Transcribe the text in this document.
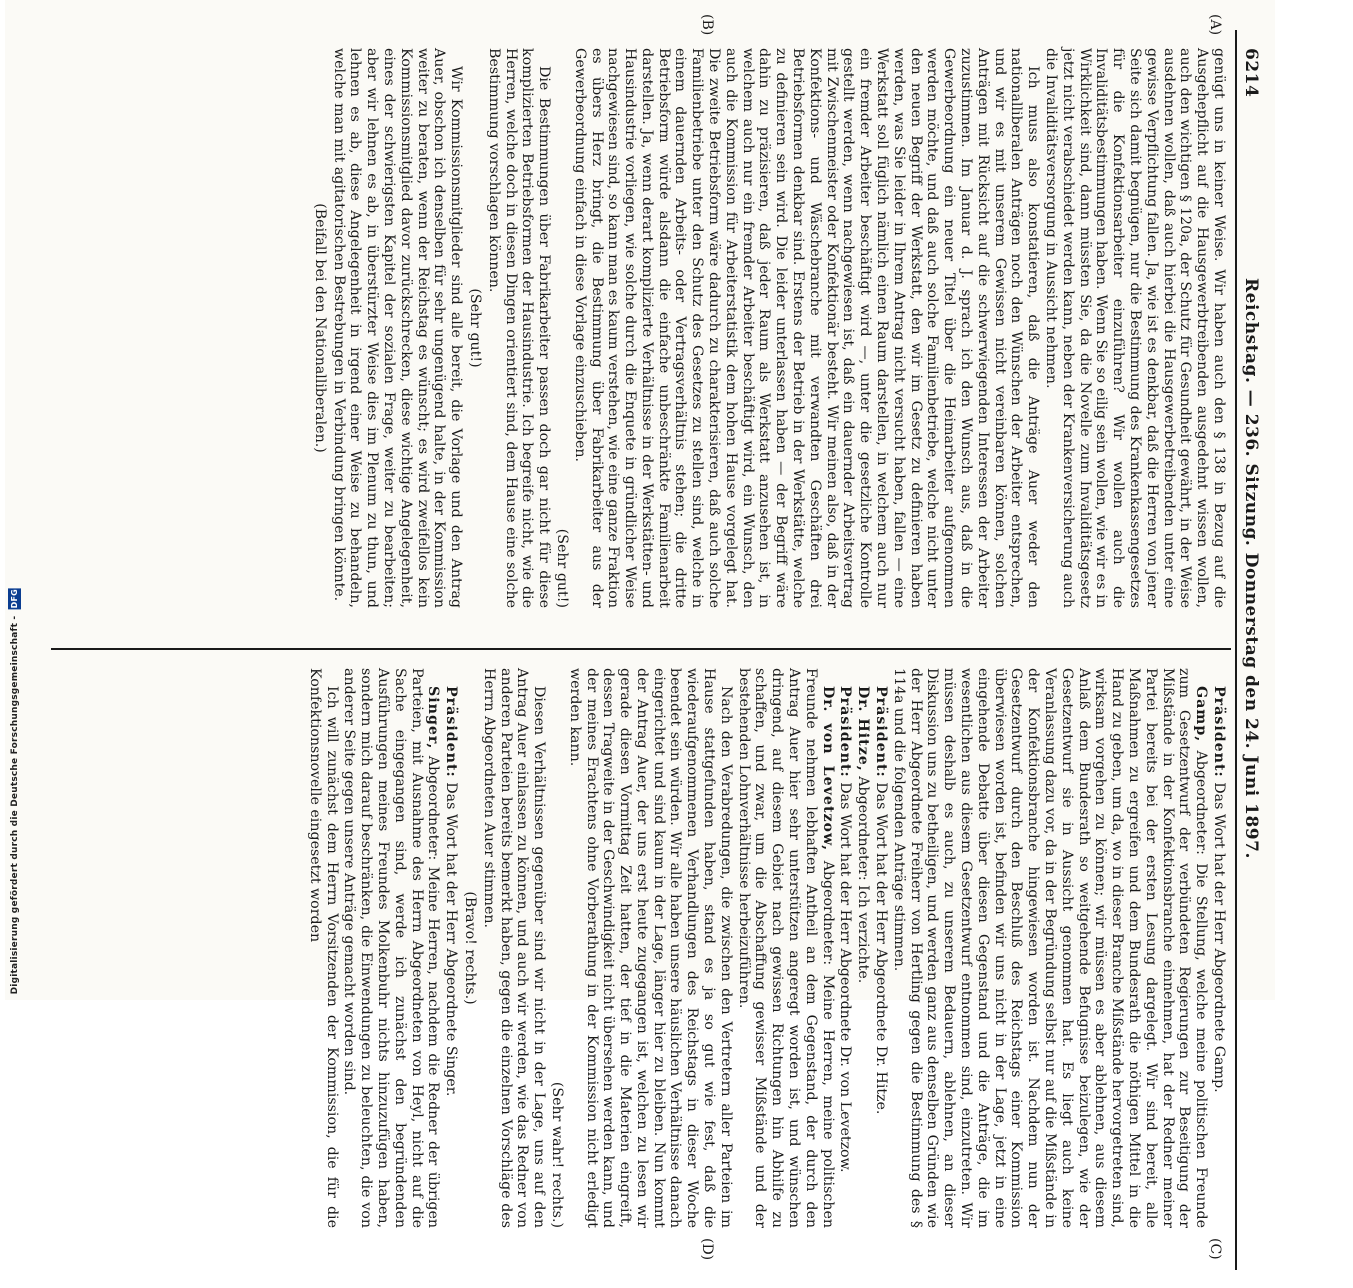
6214
Reichstag. — 236. Sitzung. Donnerstag den 24. Juni 1897.
(A)
(B)
(C)
(D)

genügt uns in keiner Weise. Wir haben auch den § 138 in Bezug auf die Ausgehepflicht auf die Hausgewerbtreibenden ausgedehnt wissen wollen, auch den wichtigen § 120a, der Schutz für Gesundheit gewährt, in der Weise ausdehnen wollen, daß auch hierbei die Hausgewerbetreibenden unter eine gewisse Verpflichtung fallen. Ja, wie ist es denkbar, daß die Herren von jener Seite sich damit begnügen, nur die Bestimmung des Krankenkassengesetzes für die Konfektionsarbeiter einzuführen? Wir wollen auch die Invaliditätsbestimmungen haben. Wenn Sie so eilig sein wollen, wie wir es in Wirklichkeit sind, dann müssten Sie, da die Novelle zum Invaliditätsgesetz jetzt nicht verabschiedet werden kann, neben der Krankenversicherung auch die Invaliditätsversorgung in Aussicht nehmen.

Ich muss also konstatieren, daß die Anträge Auer weder den nationalliberalen Anträgen noch den Wünschen der Arbeiter entsprechen, und wir es mit unserem Gewissen nicht vereinbaren können, solchen Anträgen mit Rücksicht auf die schwerwiegenden Interessen der Arbeiter zuzustimmen. Im Januar d. J. sprach ich den Wunsch aus, daß in die Gewerbeordnung ein neuer Titel über die Heimarbeiter aufgenommen werden möchte, und daß auch solche Familienbetriebe, welche nicht unter den neuen Begriff der Werkstatt, den wir im Gesetz zu definieren haben werden, was Sie leider in Ihrem Antrag nicht versucht haben, fallen — eine Werkstatt soll füglich nämlich einen Raum darstellen, in welchem auch nur ein fremder Arbeiter beschäftigt wird —, unter die gesetzliche Kontrolle gestellt werden, wenn nachgewiesen ist, daß ein dauernder Arbeitsvertrag mit Zwischenmeister oder Konfektionär besteht. Wir meinen also, daß in der Konfektions- und Wäschebranche mit verwandten Geschäften drei Betriebsformen denkbar sind. Erstens der Betrieb in der Werkstätte, welche zu definieren sein wird. Die leider unterlassen haben — der Begriff wäre dahin zu präzisieren, daß jeder Raum als Werkstatt anzusehen ist, in welchem auch nur ein fremder Arbeiter beschäftigt wird, ein Wunsch, den auch die Kommission für Arbeiterstatistik dem hohen Hause vorgelegt hat. Die zweite Betriebsform wäre dadurch zu charakterisieren, daß auch solche Familienbetriebe unter den Schutz des Gesetzes zu stellen sind, welche in einem dauernden Arbeits- oder Vertragsverhältnis stehen; die dritte Betriebsform würde alsdann die einfache unbeschränkte Familienarbeit darstellen. Ja, wenn derart komplizierte Verhältnisse in der Werkstätten- und Hausindustrie vorliegen, wie solche durch die Enquete in gründlicher Weise nachgewiesen sind, so kann man es kaum verstehen, wie eine ganze Fraktion es übers Herz bringt, die Bestimmung über Fabrikarbeiter aus der Gewerbeordnung einfach in diese Vorlage einzuschieben.

(Sehr gut!)

Die Bestimmungen über Fabrikarbeiter passen doch gar nicht für diese komplizierten Betriebsformen der Hausindustrie. Ich begreife nicht, wie die Herren, welche doch in diesen Dingen orientiert sind, dem Hause eine solche Bestimmung vorschlagen können.

(Sehr gut!)

Wir Kommissionsmitglieder sind alle bereit, die Vorlage und den Antrag Auer, obschon ich denselben für sehr ungenügend halte, in der Kommission weiter zu beraten, wenn der Reichstag es wünscht; es wird zweifellos kein Kommissionsmitglied davor zurückschrecken, diese wichtige Angelegenheit, eines der schwierigsten Kapitel der sozialen Frage, weiter zu bearbeiten; aber wir lehnen es ab, in überstürzter Weise dies im Plenum zu thun, und lehnen es ab, diese Angelegenheit in irgend einer Weise zu behandeln, welche man mit agitatorischen Bestrebungen in Verbindung bringen könnte.

(Beifall bei den Nationalliberalen.)

Präsident: Das Wort hat der Herr Abgeordnete Gamp.

Gamp, Abgeordneter: Die Stellung, welche meine politischen Freunde zum Gesetzentwurf der verbündeten Regierungen zur Beseitigung der Mißstände in der Konfektionsbranche einnehmen, hat der Redner meiner Partei bereits bei der ersten Lesung dargelegt. Wir sind bereit, alle Maßnahmen zu ergreifen und dem Bundesrath die nöthigen Mittel in die Hand zu geben, um da, wo in dieser Branche Mißstände hervorgetreten sind, wirksam vorgehen zu können; wir müssen es aber ablehnen, aus diesem Anlaß dem Bundesrath so weitgehende Befugnisse beizulegen, wie der Gesetzentwurf sie in Aussicht genommen hat. Es liegt auch keine Veranlassung dazu vor, da in der Begründung selbst nur auf die Mißstände in der Konfektionsbranche hingewiesen worden ist. Nachdem nun der Gesetzentwurf durch den Beschluß des Reichstags einer Kommission überwiesen worden ist, befinden wir uns nicht in der Lage, jetzt in eine eingehende Debatte über diesen Gegenstand und die Anträge, die im wesentlichen aus diesem Gesetzentwurf entnommen sind, einzutreten. Wir müssen deshalb es auch, zu unserem Bedauern, ablehnen, an dieser Diskussion uns zu betheiligen, und werden ganz aus denselben Gründen wie der Herr Abgeordnete Freiherr von Hertling gegen die Bestimmung des § 114a und die folgenden Anträge stimmen.

Präsident: Das Wort hat der Herr Abgeordnete Dr. Hitze.

Dr. Hitze, Abgeordneter: Ich verzichte.

Präsident: Das Wort hat der Herr Abgeordnete Dr. von Levetzow.

Dr. von Levetzow, Abgeordneter: Meine Herren, meine politischen Freunde nehmen lebhaften Antheil an dem Gegenstand, der durch den Antrag Auer hier sehr unterstützen angeregt worden ist, und wünschen dringend, auf diesem Gebiet nach gewissen Richtungen hin Abhilfe zu schaffen, und zwar, um die Abschaffung gewisser Mißstände und der bestehenden Lohnverhältnisse herbeizuführen.

Nach den Verabredungen, die zwischen den Vertretern aller Parteien im Hause stattgefunden haben, stand es ja so gut wie fest, daß die wiederaufgenommenen Verhandlungen des Reichstags in dieser Woche beendet sein würden. Wir alle haben unsere häuslichen Verhältnisse danach eingerichtet und sind kaum in der Lage, länger hier zu bleiben. Nun kommt der Antrag Auer, der uns erst heute zugegangen ist, welchen zu lesen wir gerade diesen Vormittag Zeit hatten, der tief in die Materien eingreift, dessen Tragweite in der Geschwindigkeit nicht übersehen werden kann, und der meines Erachtens ohne Vorberathung in der Kommission nicht erledigt werden kann.

(Sehr wahr! rechts.)

Diesen Verhältnissen gegenüber sind wir nicht in der Lage, uns auf den Antrag Auer einlassen zu können, und auch wir werden, wie das Redner von anderen Parteien bereits bemerkt haben, gegen die einzelnen Vorschläge des Herrn Abgeordneten Auer stimmen.

(Bravo! rechts.)

Präsident: Das Wort hat der Herr Abgeordnete Singer.

Singer, Abgeordneter: Meine Herren, nachdem die Redner der übrigen Parteien, mit Ausnahme des Herrn Abgeordneten von Heyl, nicht auf die Sache eingegangen sind, werde ich zunächst den begründenden Ausführungen meines Freundes Molkenbuhr nichts hinzuzufügen haben, sondern mich darauf beschränken, die Einwendungen zu beleuchten, die von anderer Seite gegen unsere Anträge gemacht worden sind.

Ich will zunächst dem Herrn Vorsitzenden der Kommission, die für die Konfektionsnovelle eingesetzt worden

Digitalisierung gefördert durch die Deutsche Forschungsgemeinschaft - DFG
